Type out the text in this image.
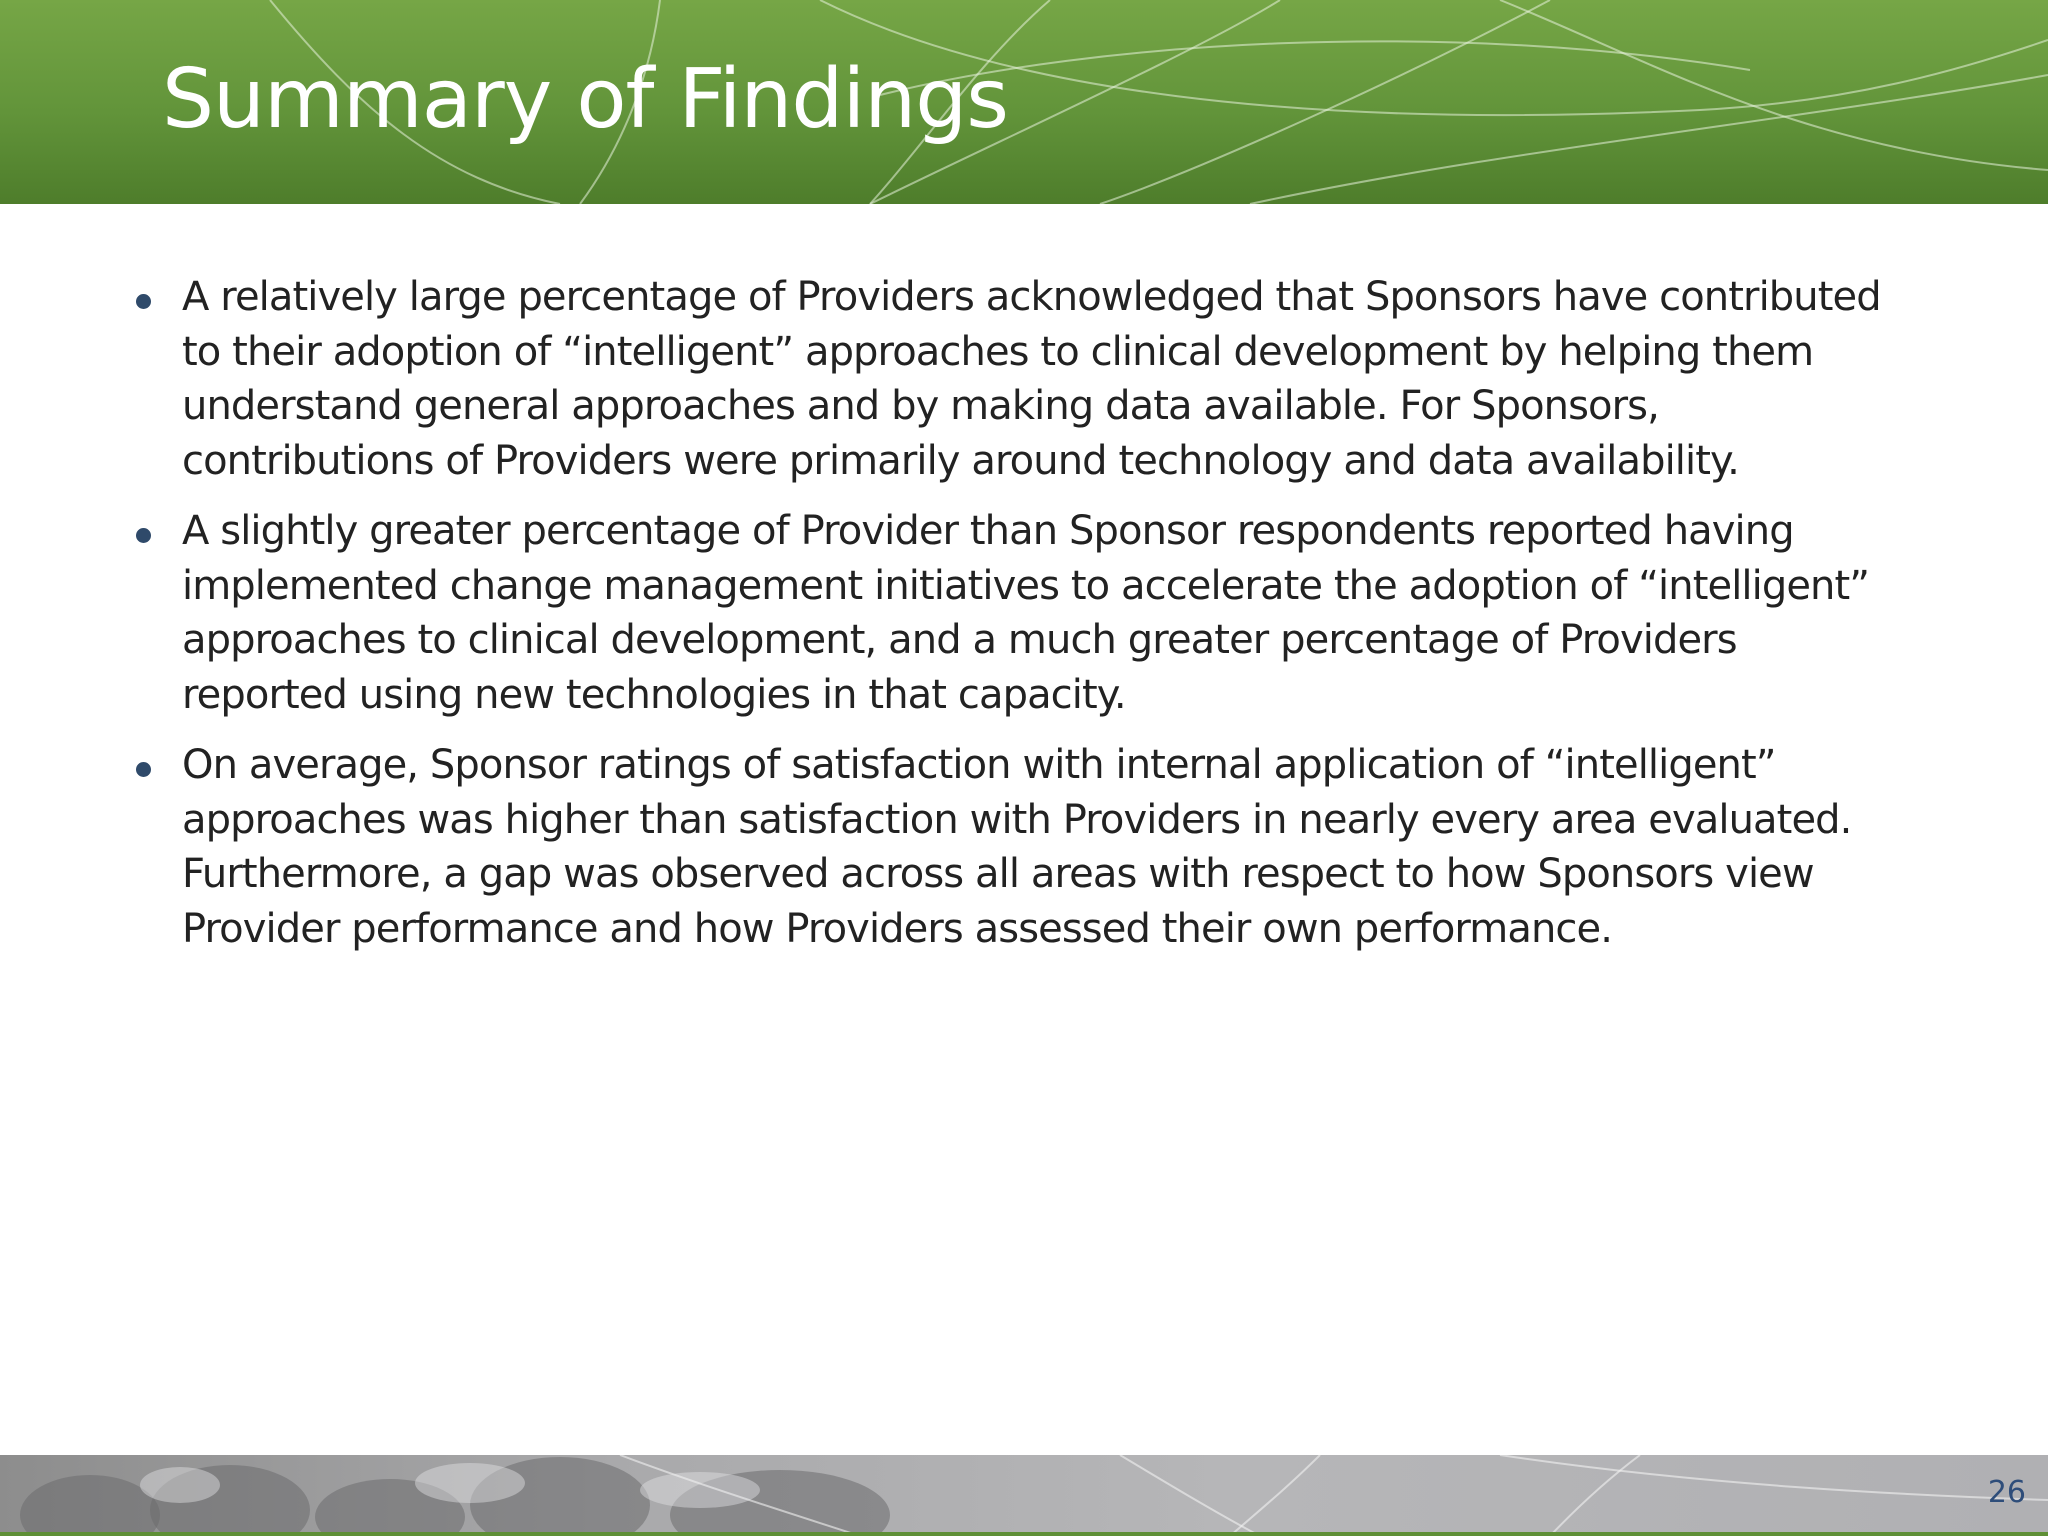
Summary of Findings
A relatively large percentage of Providers acknowledged that Sponsors have contributed to their adoption of “intelligent” approaches to clinical development by helping them understand general approaches and by making data available. For Sponsors, contributions of Providers were primarily around technology and data availability.
A slightly greater percentage of Provider than Sponsor respondents reported having implemented change management initiatives to accelerate the adoption of “intelligent” approaches to clinical development, and a much greater percentage of Providers reported using new technologies in that capacity.
On average, Sponsor ratings of satisfaction with internal application of “intelligent” approaches was higher than satisfaction with Providers in nearly every area evaluated. Furthermore, a gap was observed across all areas with respect to how Sponsors view Provider performance and how Providers assessed their own performance.
26
